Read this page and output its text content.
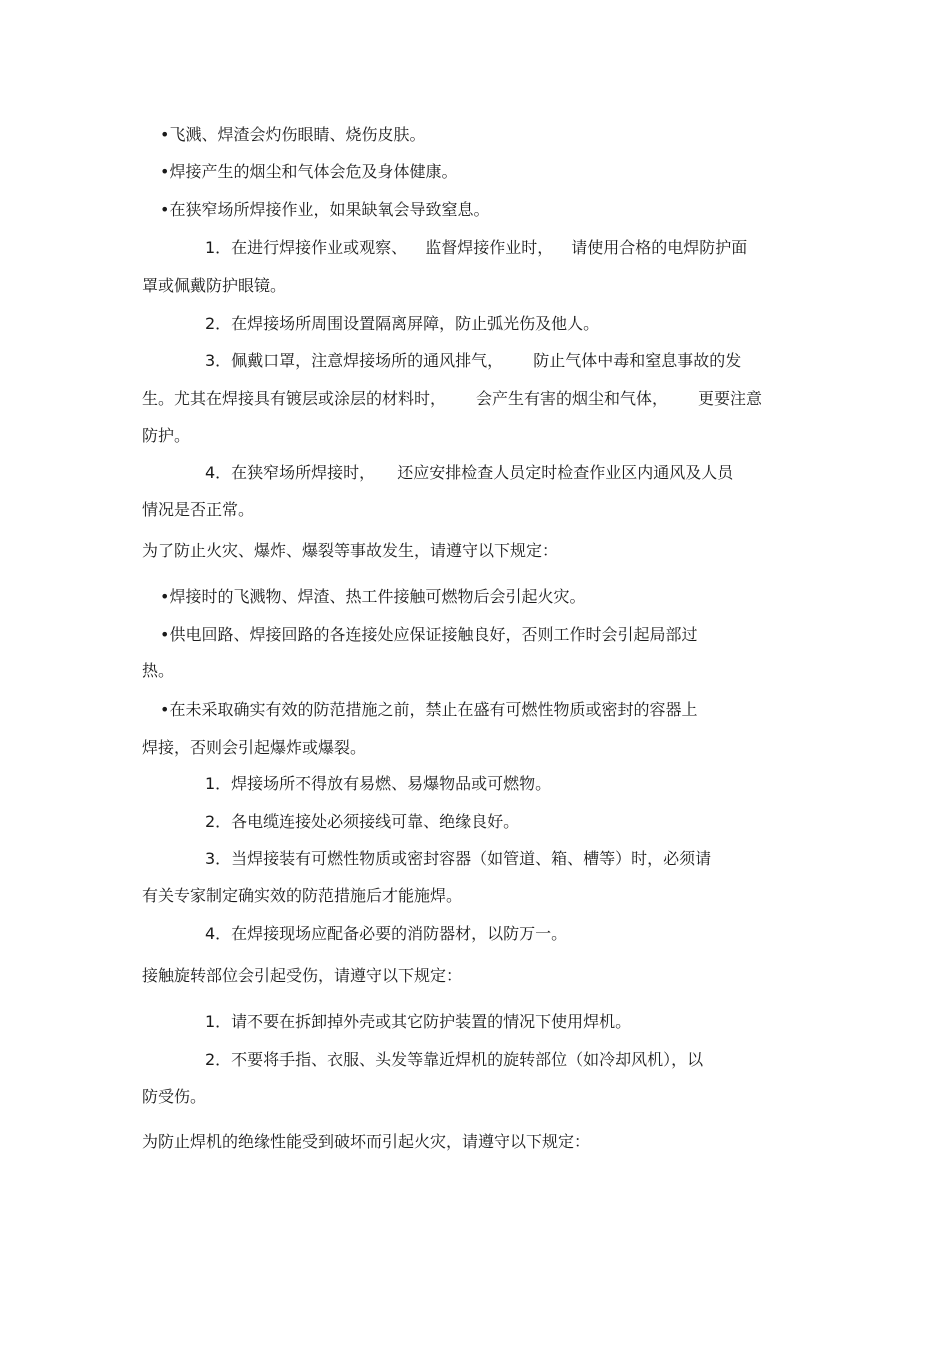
•飞溅、焊渣会灼伤眼睛、烧伤皮肤。
•焊接产生的烟尘和气体会危及身体健康。
•在狭窄场所焊接作业，如果缺氧会导致窒息。
1．在进行焊接作业或观察、 监督焊接作业时， 请使用合格的电焊防护面
罩或佩戴防护眼镜。
2．在焊接场所周围设置隔离屏障，防止弧光伤及他人。
3．佩戴口罩，注意焊接场所的通风排气， 防止气体中毒和窒息事故的发
生。尤其在焊接具有镀层或涂层的材料时， 会产生有害的烟尘和气体， 更要注意
防护。
4．在狭窄场所焊接时， 还应安排检查人员定时检查作业区内通风及人员
情况是否正常。
为了防止火灾、爆炸、爆裂等事故发生，请遵守以下规定：
•焊接时的飞溅物、焊渣、热工件接触可燃物后会引起火灾。
•供电回路、焊接回路的各连接处应保证接触良好，否则工作时会引起局部过
热。
•在未采取确实有效的防范措施之前，禁止在盛有可燃性物质或密封的容器上
焊接，否则会引起爆炸或爆裂。
1．焊接场所不得放有易燃、易爆物品或可燃物。
2．各电缆连接处必须接线可靠、绝缘良好。
3．当焊接装有可燃性物质或密封容器（如管道、箱、槽等）时，必须请
有关专家制定确实效的防范措施后才能施焊。
4．在焊接现场应配备必要的消防器材，以防万一。
接触旋转部位会引起受伤，请遵守以下规定：
1．请不要在拆卸掉外壳或其它防护装置的情况下使用焊机。
2．不要将手指、衣服、头发等靠近焊机的旋转部位（如冷却风机），以
防受伤。
为防止焊机的绝缘性能受到破坏而引起火灾，请遵守以下规定：
